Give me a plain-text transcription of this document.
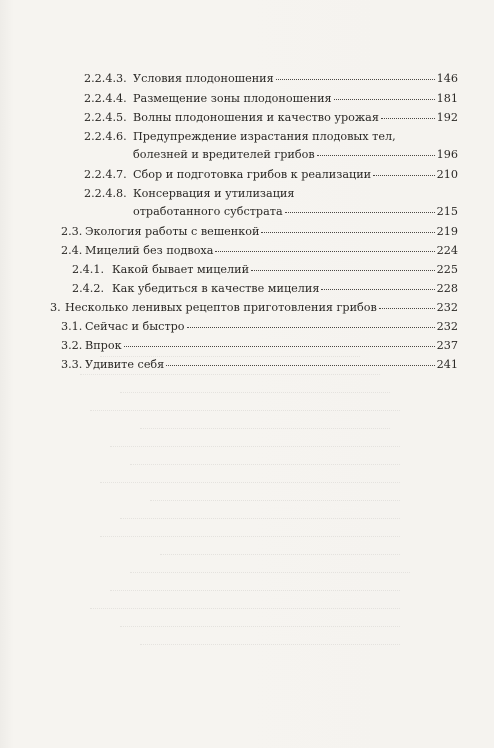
2.2.4.3. Условия плодоношения	146
2.2.4.4. Размещение зоны плодоношения	181
2.2.4.5. Волны плодоношения и качество урожая	192
2.2.4.6. Предупреждение израстания плодовых тел,
болезней и вредителей грибов	196
2.2.4.7. Сбор и подготовка грибов к реализации	210
2.2.4.8. Консервация и утилизация
отработанного субстрата	215
2.3. Экология работы с вешенкой	219
2.4. Мицелий без подвоха	224
2.4.1. Какой бывает мицелий	225
2.4.2. Как убедиться в качестве мицелия	228
3. Несколько ленивых рецептов приготовления грибов	232
3.1. Сейчас и быстро	232
3.2. Впрок	237
3.3. Удивите себя	241
